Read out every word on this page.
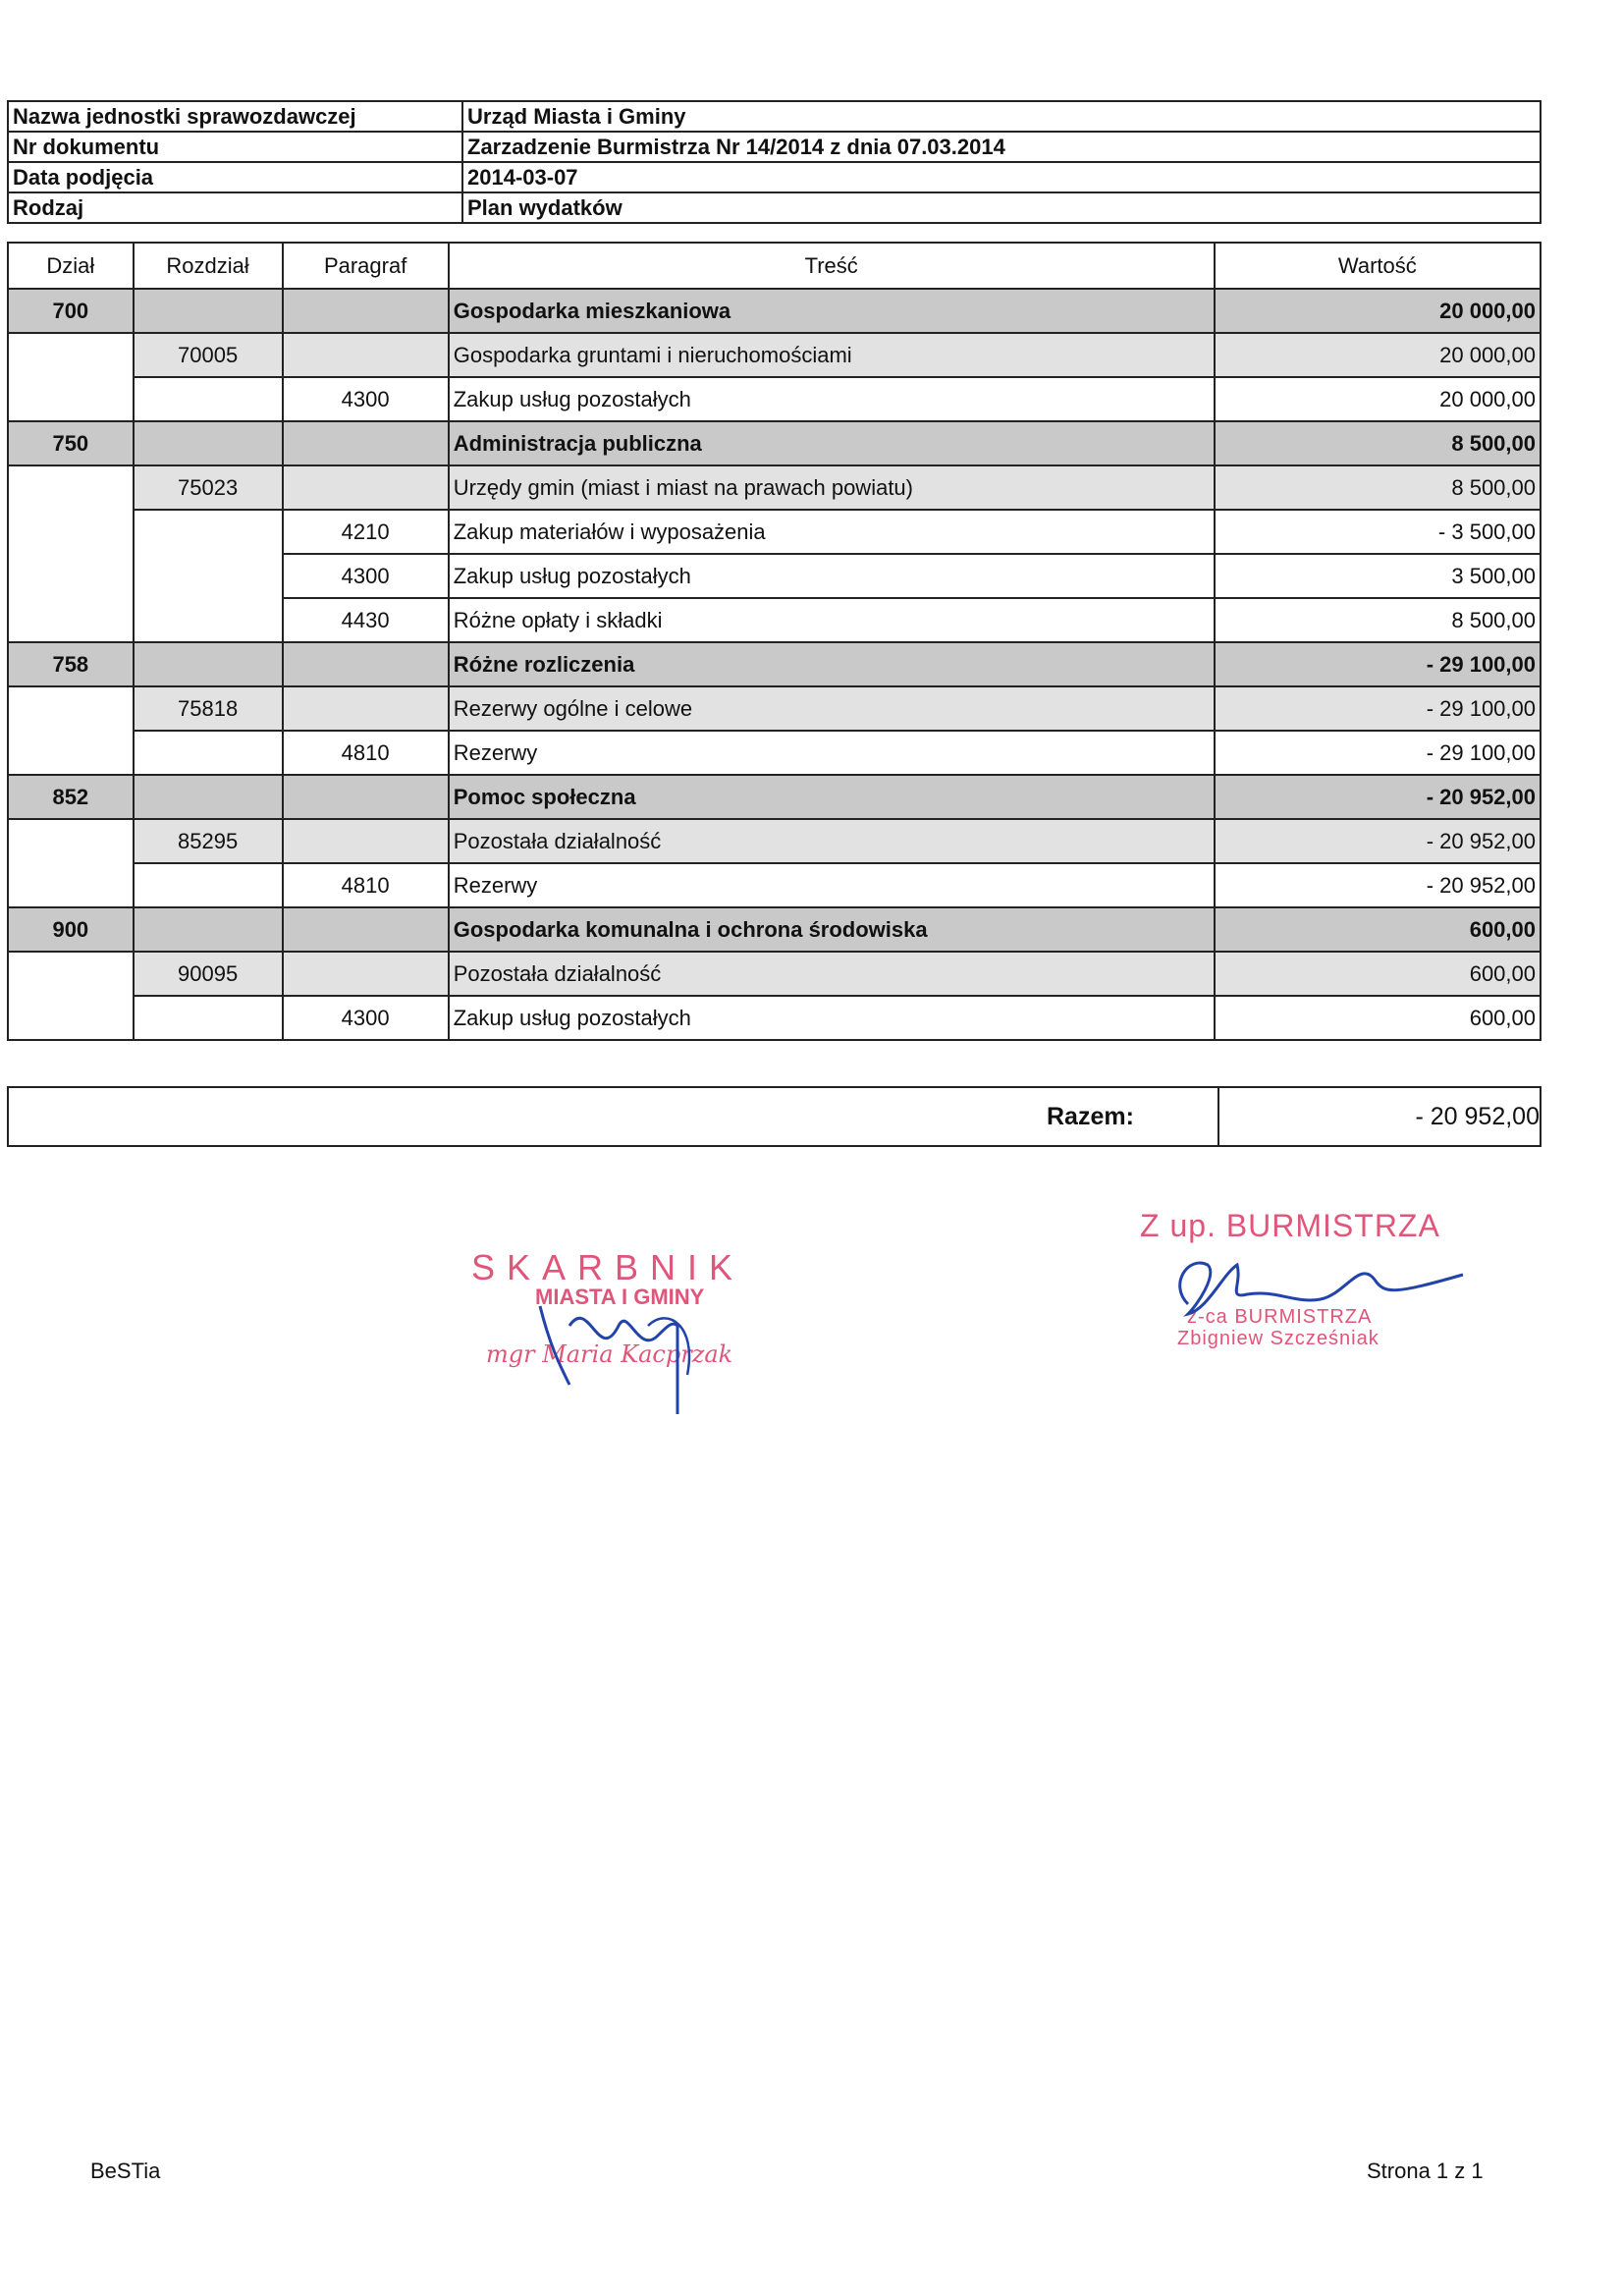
Nazwa jednostki sprawozdawczej	Urząd Miasta i Gminy
Nr dokumentu	Zarzadzenie Burmistrza Nr 14/2014 z dnia 07.03.2014
Data podjęcia	2014-03-07
Rodzaj	Plan wydatków
Dział	Rozdział	Paragraf	Treść	Wartość
700			Gospodarka mieszkaniowa	20 000,00
	70005		Gospodarka gruntami i nieruchomościami	20 000,00
		4300	Zakup usług pozostałych	20 000,00
750			Administracja publiczna	8 500,00
	75023		Urzędy gmin (miast i miast na prawach powiatu)	8 500,00
		4210	Zakup materiałów i wyposażenia	- 3 500,00
		4300	Zakup usług pozostałych	3 500,00
		4430	Różne opłaty i składki	8 500,00
758			Różne rozliczenia	- 29 100,00
	75818		Rezerwy ogólne i celowe	- 29 100,00
		4810	Rezerwy	- 29 100,00
852			Pomoc społeczna	- 20 952,00
	85295		Pozostała działalność	- 20 952,00
		4810	Rezerwy	- 20 952,00
900			Gospodarka komunalna i ochrona środowiska	600,00
	90095		Pozostała działalność	600,00
		4300	Zakup usług pozostałych	600,00
Razem:	- 20 952,00
SKARBNIK
MIASTA I GMINY
mgr Maria Kacprzak
Z up. BURMISTRZA
z-ca BURMISTRZA
Zbigniew Szcześniak
BeSTia	Strona 1 z 1
